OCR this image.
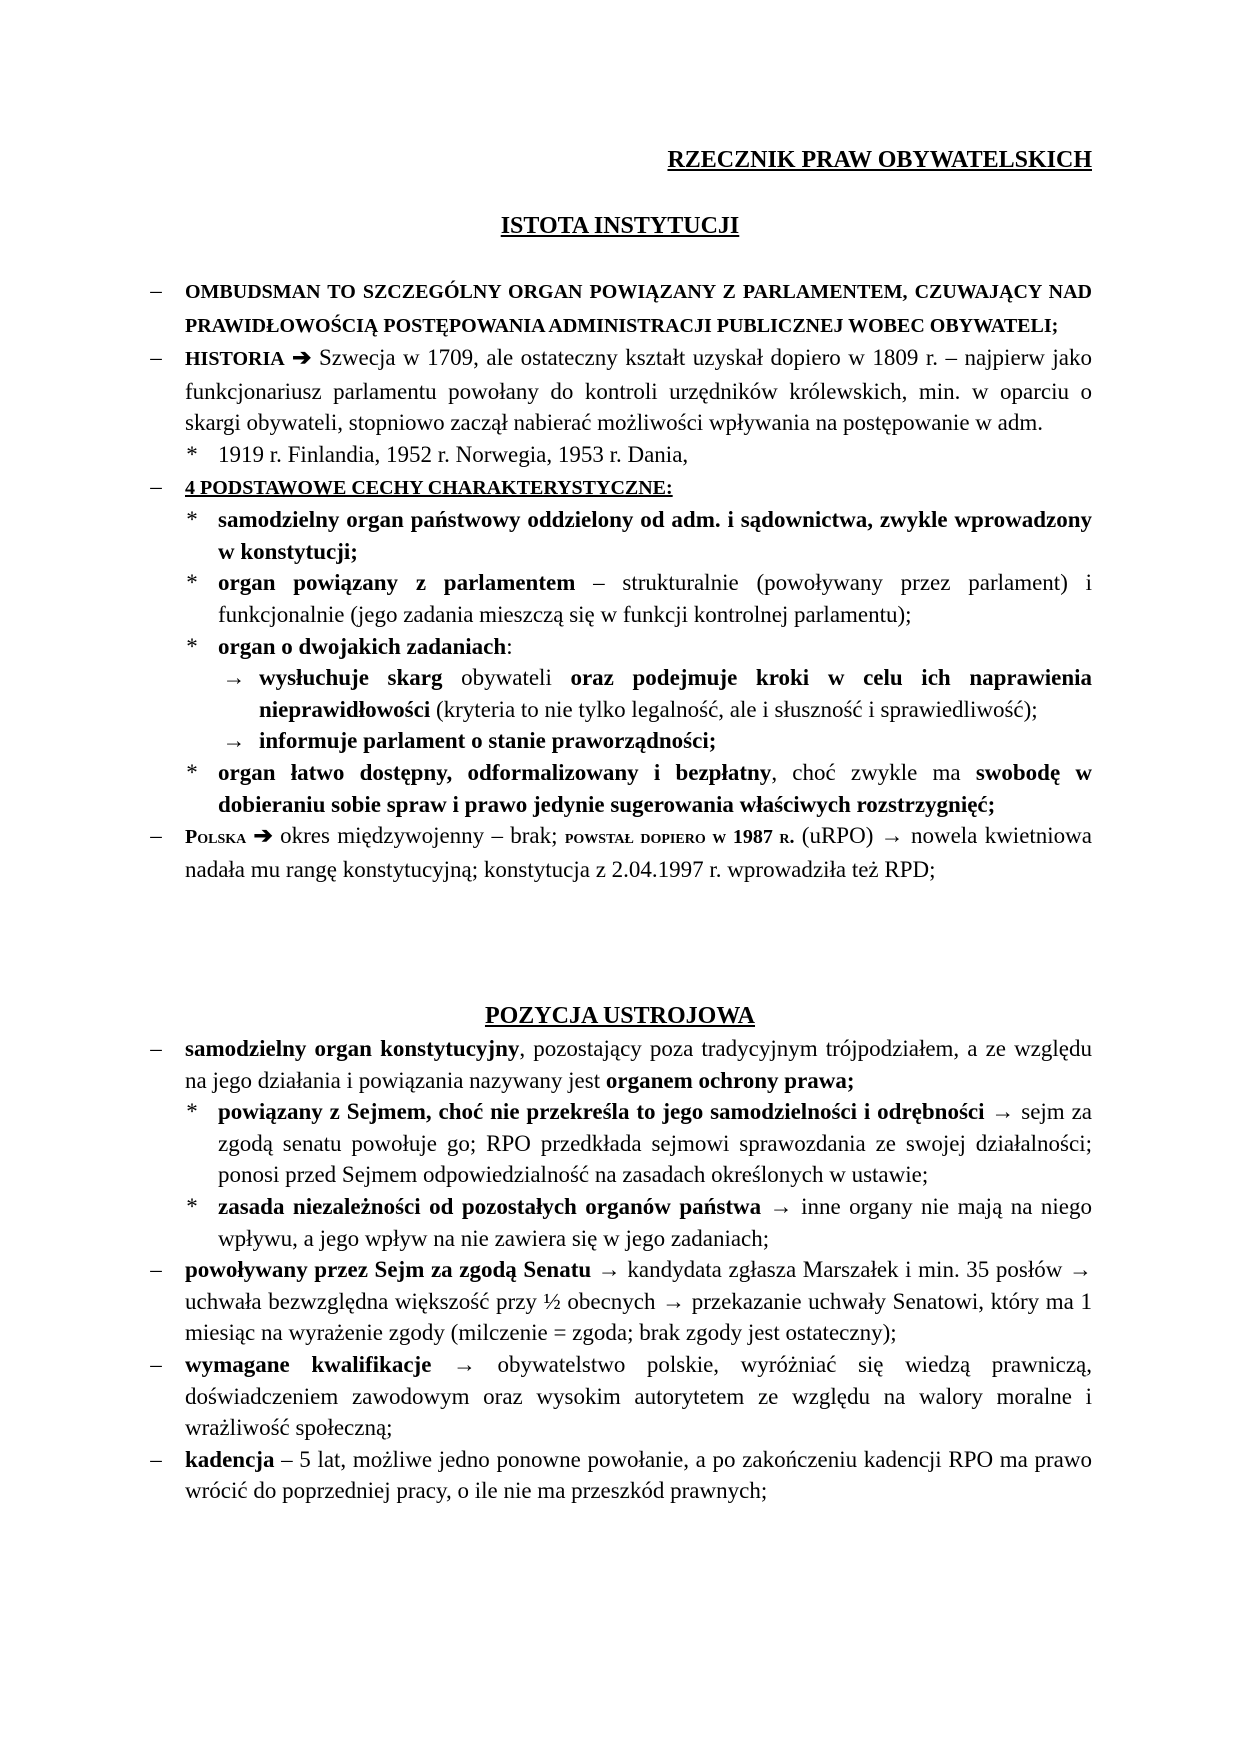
RZECZNIK PRAW OBYWATELSKICH
ISTOTA INSTYTUCJI
–	OMBUDSMAN TO SZCZEGÓLNY ORGAN POWIĄZANY Z PARLAMENTEM, CZUWAJĄCY NAD PRAWIDŁOWOŚCIĄ POSTĘPOWANIA ADMINISTRACJI PUBLICZNEJ WOBEC OBYWATELI;
–	HISTORIA ➔ Szwecja w 1709, ale ostateczny kształt uzyskał dopiero w 1809 r. – najpierw jako funkcjonariusz parlamentu powołany do kontroli urzędników królewskich, min. w oparciu o skargi obywateli, stopniowo zaczął nabierać możliwości wpływania na postępowanie w adm.
* 1919 r. Finlandia, 1952 r. Norwegia, 1953 r. Dania,
–	4 PODSTAWOWE CECHY CHARAKTERYSTYCZNE:
* samodzielny organ państwowy oddzielony od adm. i sądownictwa, zwykle wprowadzony w konstytucji;
* organ powiązany z parlamentem – strukturalnie (powoływany przez parlament) i funkcjonalnie (jego zadania mieszczą się w funkcji kontrolnej parlamentu);
* organ o dwojakich zadaniach:
→ wysłuchuje skarg obywateli oraz podejmuje kroki w celu ich naprawienia nieprawidłowości (kryteria to nie tylko legalność, ale i słuszność i sprawiedliwość);
→ informuje parlament o stanie praworządności;
* organ łatwo dostępny, odformalizowany i bezpłatny, choć zwykle ma swobodę w dobieraniu sobie spraw i prawo jedynie sugerowania właściwych rozstrzygnięć;
–	Polska ➔ okres międzywojenny – brak; powstał dopiero w 1987 r. (uRPO) → nowela kwietniowa nadała mu rangę konstytucyjną; konstytucja z 2.04.1997 r. wprowadziła też RPD;
POZYCJA USTROJOWA
–	samodzielny organ konstytucyjny, pozostający poza tradycyjnym trójpodziałem, a ze względu na jego działania i powiązania nazywany jest organem ochrony prawa;
* powiązany z Sejmem, choć nie przekreśla to jego samodzielności i odrębności → sejm za zgodą senatu powołuje go; RPO przedkłada sejmowi sprawozdania ze swojej działalności; ponosi przed Sejmem odpowiedzialność na zasadach określonych w ustawie;
* zasada niezależności od pozostałych organów państwa → inne organy nie mają na niego wpływu, a jego wpływ na nie zawiera się w jego zadaniach;
–	powoływany przez Sejm za zgodą Senatu → kandydata zgłasza Marszałek i min. 35 posłów → uchwała bezwzględna większość przy ½ obecnych → przekazanie uchwały Senatowi, który ma 1 miesiąc na wyrażenie zgody (milczenie = zgoda; brak zgody jest ostateczny);
–	wymagane kwalifikacje → obywatelstwo polskie, wyróżniać się wiedzą prawniczą, doświadczeniem zawodowym oraz wysokim autorytetem ze względu na walory moralne i wrażliwość społeczną;
–	kadencja – 5 lat, możliwe jedno ponowne powołanie, a po zakończeniu kadencji RPO ma prawo wrócić do poprzedniej pracy, o ile nie ma przeszkód prawnych;
